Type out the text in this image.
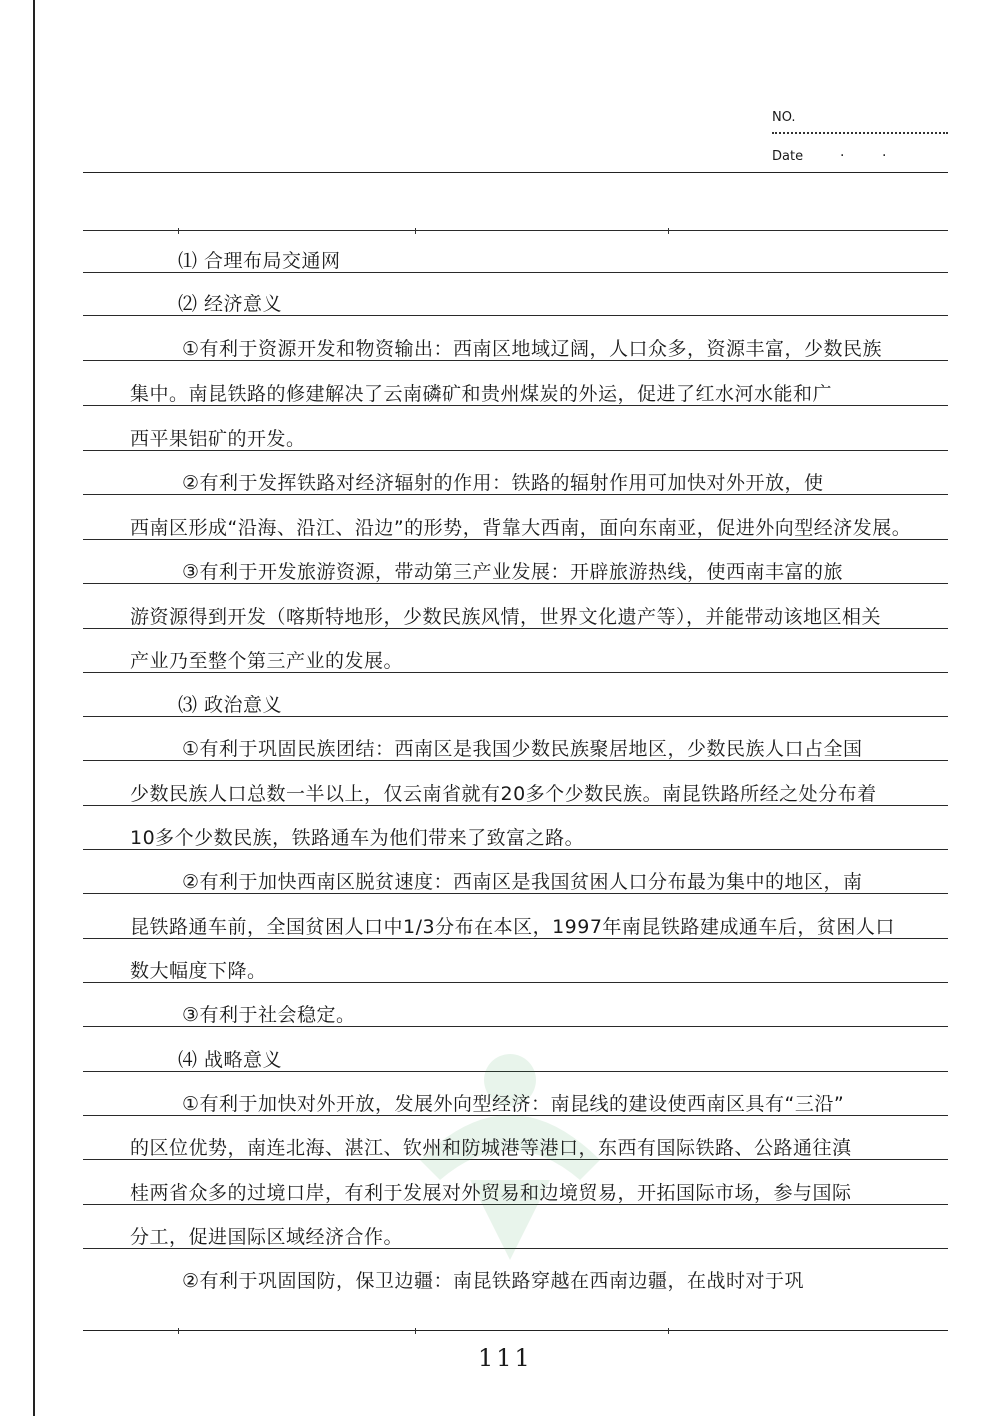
NO.
Date	·	·
⑴ 合理布局交通网
⑵ 经济意义
①有利于资源开发和物资输出：西南区地域辽阔，人口众多，资源丰富，少数民族
集中。南昆铁路的修建解决了云南磷矿和贵州煤炭的外运，促进了红水河水能和广
西平果铝矿的开发。
②有利于发挥铁路对经济辐射的作用：铁路的辐射作用可加快对外开放，使
西南区形成“沿海、沿江、沿边”的形势，背靠大西南，面向东南亚，促进外向型经济发展。
③有利于开发旅游资源，带动第三产业发展：开辟旅游热线，使西南丰富的旅
游资源得到开发（喀斯特地形，少数民族风情，世界文化遗产等），并能带动该地区相关
产业乃至整个第三产业的发展。
⑶ 政治意义
①有利于巩固民族团结：西南区是我国少数民族聚居地区，少数民族人口占全国
少数民族人口总数一半以上，仅云南省就有20多个少数民族。南昆铁路所经之处分布着
10多个少数民族，铁路通车为他们带来了致富之路。
②有利于加快西南区脱贫速度：西南区是我国贫困人口分布最为集中的地区，南
昆铁路通车前，全国贫困人口中1/3分布在本区，1997年南昆铁路建成通车后，贫困人口
数大幅度下降。
③有利于社会稳定。
⑷ 战略意义
①有利于加快对外开放，发展外向型经济：南昆线的建设使西南区具有“三沿”
的区位优势，南连北海、湛江、钦州和防城港等港口，东西有国际铁路、公路通往滇
桂两省众多的过境口岸，有利于发展对外贸易和边境贸易，开拓国际市场，参与国际
分工，促进国际区域经济合作。
②有利于巩固国防，保卫边疆：南昆铁路穿越在西南边疆，在战时对于巩
111
